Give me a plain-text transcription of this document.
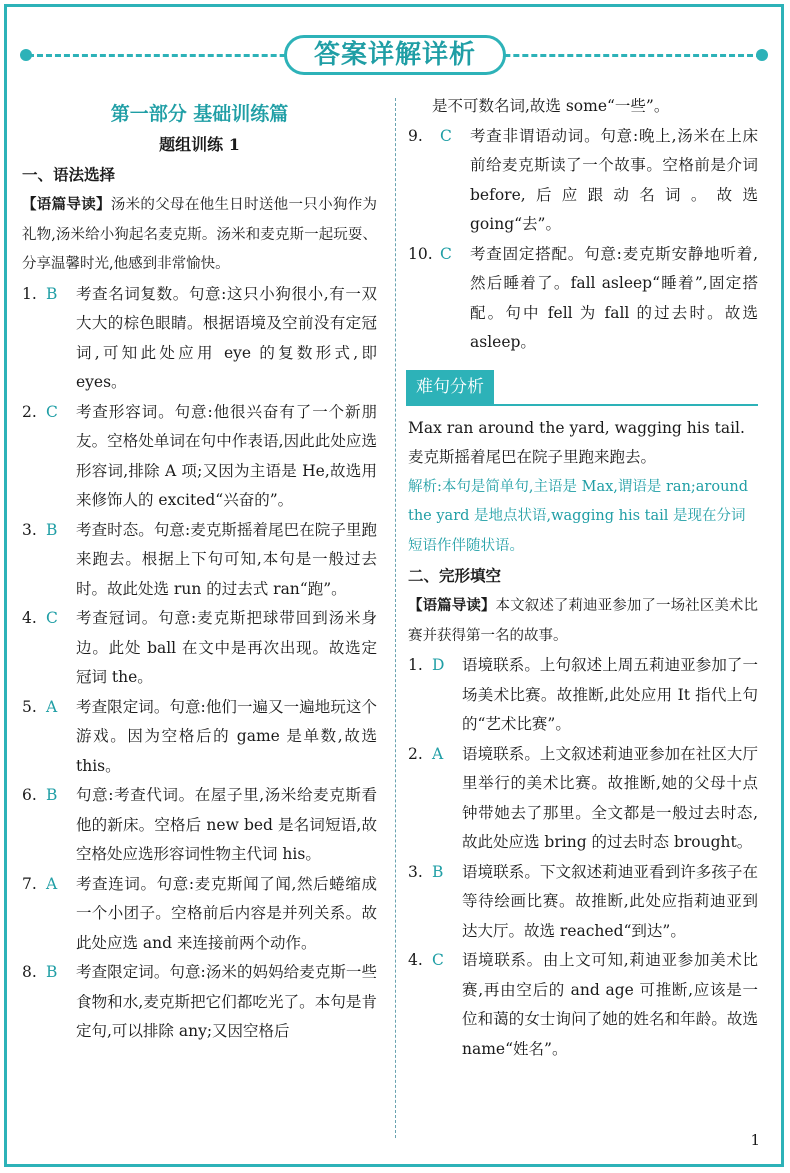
答案详解详析
第一部分 基础训练篇
题组训练 1
一、语法选择
【语篇导读】汤米的父母在他生日时送他一只小狗作为礼物,汤米给小狗起名麦克斯。汤米和麦克斯一起玩耍、分享温馨时光,他感到非常愉快。
1. B	考查名词复数。句意:这只小狗很小,有一双大大的棕色眼睛。根据语境及空前没有定冠词,可知此处应用 eye 的复数形式,即 eyes。
2. C	考查形容词。句意:他很兴奋有了一个新朋友。空格处单词在句中作表语,因此此处应选形容词,排除 A 项;又因为主语是 He,故选用来修饰人的 excited“兴奋的”。
3. B	考查时态。句意:麦克斯摇着尾巴在院子里跑来跑去。根据上下句可知,本句是一般过去时。故此处选 run 的过去式 ran“跑”。
4. C	考查冠词。句意:麦克斯把球带回到汤米身边。此处 ball 在文中是再次出现。故选定冠词 the。
5. A	考查限定词。句意:他们一遍又一遍地玩这个游戏。因为空格后的 game 是单数,故选 this。
6. B	句意:考查代词。在屋子里,汤米给麦克斯看他的新床。空格后 new bed 是名词短语,故空格处应选形容词性物主代词 his。
7. A	考查连词。句意:麦克斯闻了闻,然后蜷缩成一个小团子。空格前后内容是并列关系。故此处应选 and 来连接前两个动作。
8. B	考查限定词。句意:汤米的妈妈给麦克斯一些食物和水,麦克斯把它们都吃光了。本句是肯定句,可以排除 any;又因空格后
是不可数名词,故选 some“一些”。
9.	C	考查非谓语动词。句意:晚上,汤米在上床前给麦克斯读了一个故事。空格前是介词 before,后应跟动名词。故选 going“去”。
10. C	考查固定搭配。句意:麦克斯安静地听着,然后睡着了。fall asleep“睡着”,固定搭配。句中 fell 为 fall 的过去时。故选 asleep。
难句分析
Max ran around the yard, wagging his tail. 麦克斯摇着尾巴在院子里跑来跑去。
解析:本句是简单句,主语是 Max,谓语是 ran;around the yard 是地点状语,wagging his tail 是现在分词短语作伴随状语。
二、完形填空
【语篇导读】本文叙述了莉迪亚参加了一场社区美术比赛并获得第一名的故事。
1. D	语境联系。上句叙述上周五莉迪亚参加了一场美术比赛。故推断,此处应用 It 指代上句的“艺术比赛”。
2. A	语境联系。上文叙述莉迪亚参加在社区大厅里举行的美术比赛。故推断,她的父母十点钟带她去了那里。全文都是一般过去时态,故此处应选 bring 的过去时态 brought。
3. B	语境联系。下文叙述莉迪亚看到许多孩子在等待绘画比赛。故推断,此处应指莉迪亚到达大厅。故选 reached“到达”。
4. C	语境联系。由上文可知,莉迪亚参加美术比赛,再由空后的 and age 可推断,应该是一位和蔼的女士询问了她的姓名和年龄。故选 name“姓名”。
1
